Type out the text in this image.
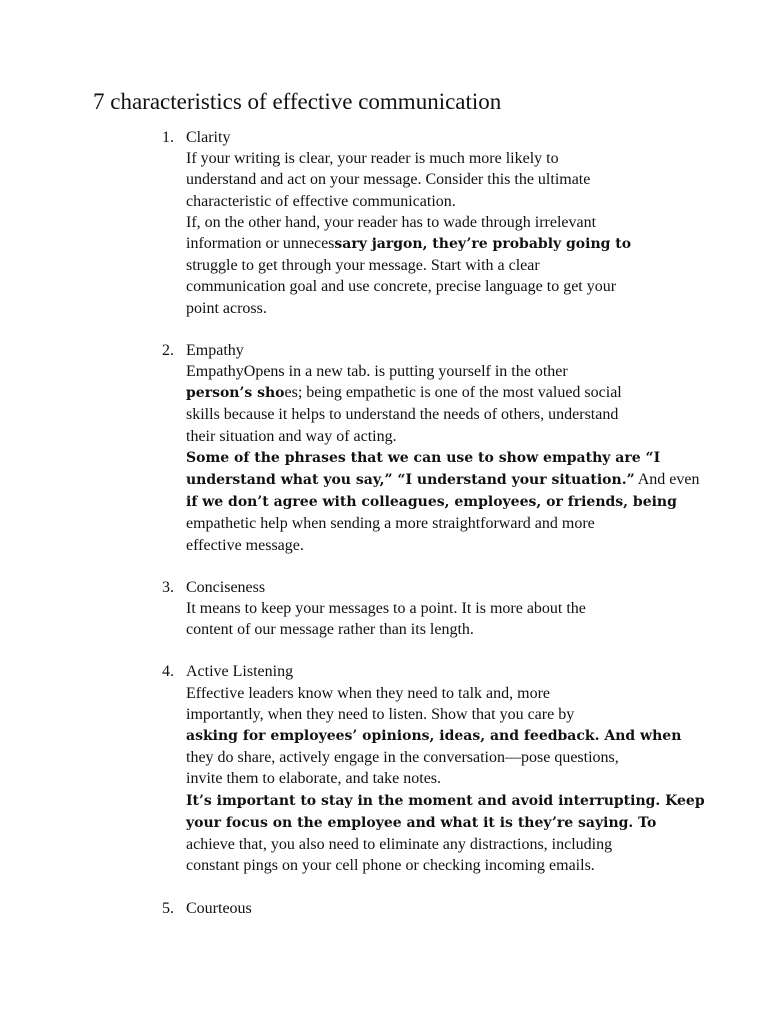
7 characteristics of effective communication
1. Clarity
If your writing is clear, your reader is much more likely to
understand and act on your message. Consider this the ultimate
characteristic of effective communication.
If, on the other hand, your reader has to wade through irrelevant
information or unnecessary jargon, they’re probably going to
struggle to get through your message. Start with a clear
communication goal and use concrete, precise language to get your
point across.
2. Empathy
EmpathyOpens in a new tab. is putting yourself in the other
person’s shoes; being empathetic is one of the most valued social
skills because it helps to understand the needs of others, understand
their situation and way of acting.
Some of the phrases that we can use to show empathy are “I
understand what you say,” “I understand your situation.” And even
if we don’t agree with colleagues, employees, or friends, being
empathetic help when sending a more straightforward and more
effective message.
3. Conciseness
It means to keep your messages to a point. It is more about the
content of our message rather than its length.
4. Active Listening
Effective leaders know when they need to talk and, more
importantly, when they need to listen. Show that you care by
asking for employees’ opinions, ideas, and feedback. And when
they do share, actively engage in the conversation—pose questions,
invite them to elaborate, and take notes.
It’s important to stay in the moment and avoid interrupting. Keep
your focus on the employee and what it is they’re saying. To
achieve that, you also need to eliminate any distractions, including
constant pings on your cell phone or checking incoming emails.
5. Courteous
